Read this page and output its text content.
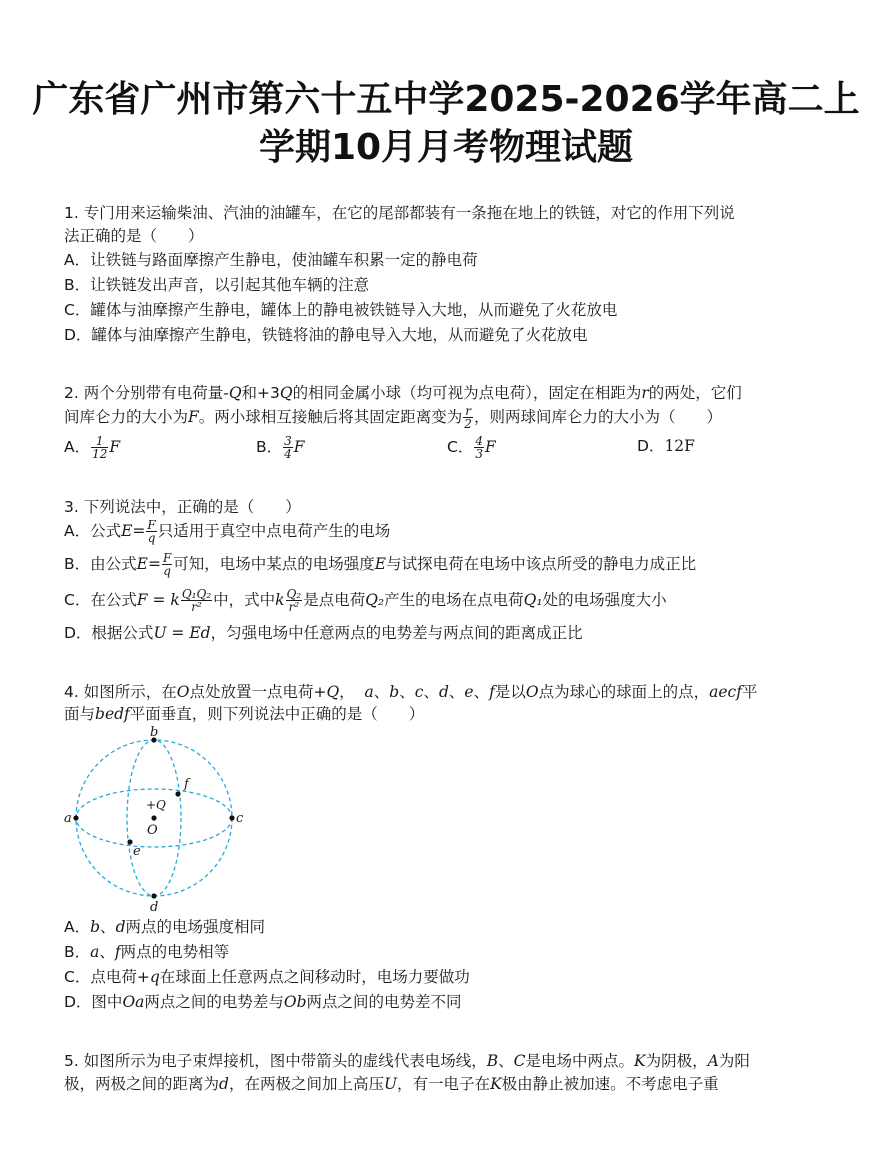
广东省广州市第六十五中学2025-2026学年高二上
学期10月月考物理试题
1. 专门用来运输柴油、汽油的油罐车，在它的尾部都装有一条拖在地上的铁链，对它的作用下列说
法正确的是（　　）
A．让铁链与路面摩擦产生静电，使油罐车积累一定的静电荷
B．让铁链发出声音，以引起其他车辆的注意
C．罐体与油摩擦产生静电，罐体上的静电被铁链导入大地，从而避免了火花放电
D．罐体与油摩擦产生静电，铁链将油的静电导入大地，从而避免了火花放电
2. 两个分别带有电荷量-Q和+3Q的相同金属小球（均可视为点电荷），固定在相距为r的两处，它们
间库仑力的大小为F。两小球相互接触后将其固定距离变为 $\frac{r}{2}$ ，则两球间库仑力的大小为（　　）
A． $\frac{1}{12}$ F	B． $\frac{3}{4}$ F	C． $\frac{4}{3}$ F	D．12F
3. 下列说法中，正确的是（　　）
A．公式$E= \frac{F}{q}$ 只适用于真空中点电荷产生的电场
B．由公式$E= \frac{F}{q}$ 可知，电场中某点的电场强度E与试探电荷在电场中该点所受的静电力成正比
C．在公式F = k $\frac{\text{Q₁Q₂}}{\text{r²}}$ 中，式中k $\frac{\text{Q₂}}{\text{r²}}$ 是点电荷Q₂产生的电场在点电荷Q₁处的电场强度大小
D．根据公式U = Ed，匀强电场中任意两点的电势差与两点间的距离成正比
4. 如图所示，在O点处放置一点电荷+Q， a、b、c、d、e、f是以O点为球心的球面上的点，aecf平
面与bedf平面垂直，则下列说法中正确的是（　　）
a
b
c
d
e
f
+Q
O
A．b、d两点的电场强度相同
B．a、f两点的电势相等
C．点电荷+q在球面上任意两点之间移动时，电场力要做功
D．图中Oa两点之间的电势差与Ob两点之间的电势差不同
5. 如图所示为电子束焊接机，图中带箭头的虚线代表电场线，B、C是电场中两点。K为阴极，A为阳
极，两极之间的距离为d，在两极之间加上高压U，有一电子在K极由静止被加速。不考虑电子重
